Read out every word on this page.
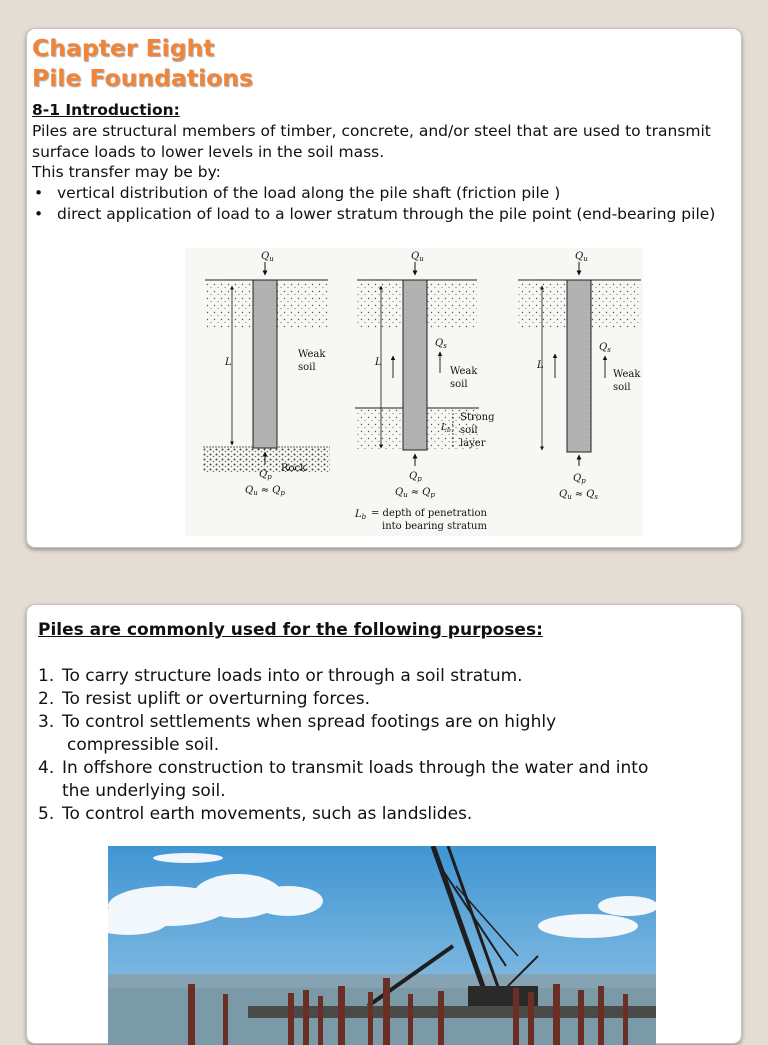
Chapter Eight
Pile Foundations

8-1 Introduction:

Piles are structural members of timber, concrete, and/or steel that are used to transmit surface loads to lower levels in the soil mass.

This transfer may be by:

• vertical distribution of the load along the pile shaft (friction pile )
• direct application of load to a lower stratum through the pile point (end-bearing pile)
$Q_u$
L
Weak
soil
$Q_p$
Rock
$Q_u \approx Q_p$
$Q_u$
L
$Q_s$
Weak
soil
$L_b$
Strong
soil
layer
$Q_p$
$Q_u \approx Q_p$
$L_b$ = depth of penetration
into bearing stratum
$Q_u$
L
$Q_s$
Weak
soil
$Q_p$
$Q_u \approx Q_s$

Piles are commonly used for the following purposes:

1. To carry structure loads into or through a soil stratum.
2. To resist uplift or overturning forces.
3. To control settlements when spread footings are on highly
compressible soil.
4. In offshore construction to transmit loads through the water and into
the underlying soil.
5. To control earth movements, such as landslides.
